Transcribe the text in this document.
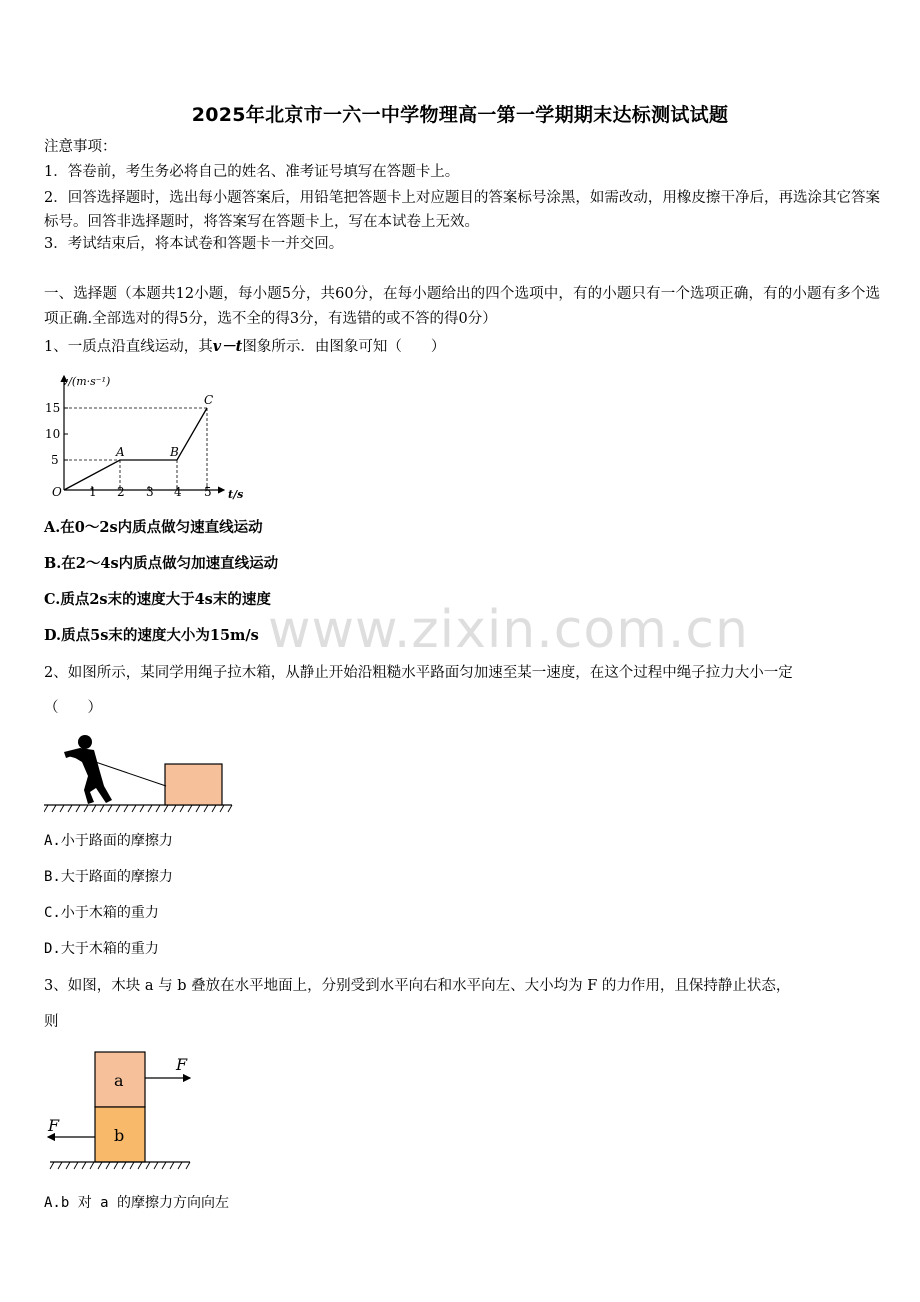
2025年北京市一六一中学物理高一第一学期期末达标测试试题
注意事项：
1．答卷前，考生务必将自己的姓名、准考证号填写在答题卡上。
2．回答选择题时，选出每小题答案后，用铅笔把答题卡上对应题目的答案标号涂黑，如需改动，用橡皮擦干净后，再选涂其它答案标号。回答非选择题时，将答案写在答题卡上，写在本试卷上无效。
3．考试结束后，将本试卷和答题卡一并交回。
一、选择题（本题共12小题，每小题5分，共60分，在每小题给出的四个选项中，有的小题只有一个选项正确，有的小题有多个选项正确.全部选对的得5分，选不全的得3分，有选错的或不答的得0分）
1、一质点沿直线运动，其v－t图象所示．由图象可知（　　）
v/(m·s⁻¹)
t/s
O
5
10
15
1 2 3 4 5
A	B
C
A.在0～2s内质点做匀速直线运动
B.在2～4s内质点做匀加速直线运动
C.质点2s末的速度大于4s末的速度
D.质点5s末的速度大小为15m/s
2、如图所示，某同学用绳子拉木箱，从静止开始沿粗糙水平路面匀加速至某一速度，在这个过程中绳子拉力大小一定
（　　）
A.小于路面的摩擦力
B.大于路面的摩擦力
C.小于木箱的重力
D.大于木箱的重力
3、如图，木块 a 与 b 叠放在水平地面上，分别受到水平向右和水平向左、大小均为 F 的力作用，且保持静止状态，
则
a
b
F
F
A.b 对 a 的摩擦力方向向左
www.zixin.com.cn
